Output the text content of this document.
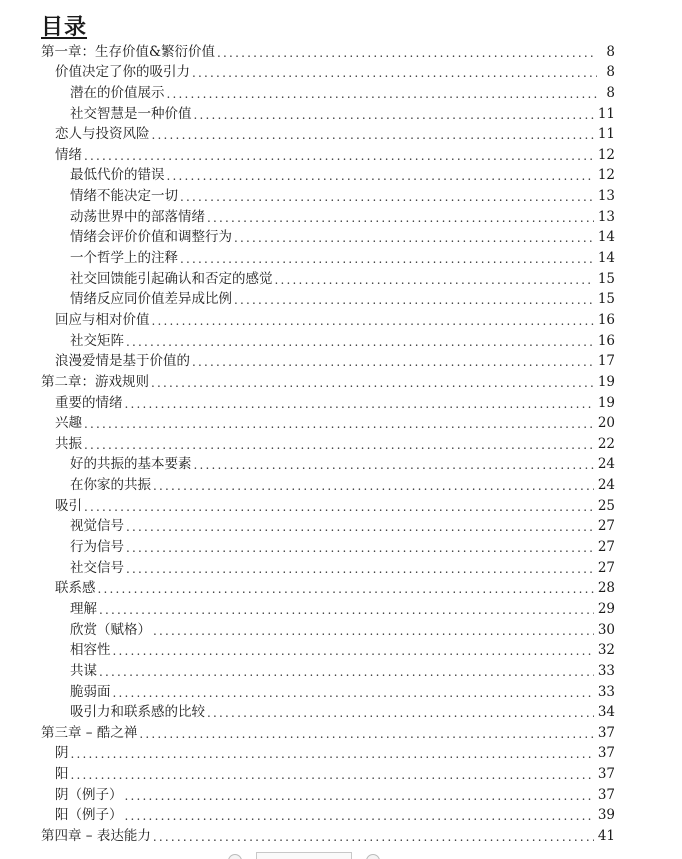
目录
第一章：生存价值&繁衍价值 .....	8
价值决定了你的吸引力 .....	8
潜在的价值展示 .....	8
社交智慧是一种价值 .....	11
恋人与投资风险 .....	11
情绪 .....	12
最低代价的错误 .....	12
情绪不能决定一切 .....	13
动荡世界中的部落情绪 .....	13
情绪会评价价值和调整行为 .....	14
一个哲学上的注释 .....	14
社交回馈能引起确认和否定的感觉 .....	15
情绪反应同价值差异成比例 .....	15
回应与相对价值 .....	16
社交矩阵 .....	16
浪漫爱情是基于价值的 .....	17
第二章：游戏规则 .....	19
重要的情绪 .....	19
兴趣 .....	20
共振 .....	22
好的共振的基本要素 .....	24
在你家的共振 .....	24
吸引 .....	25
视觉信号 .....	27
行为信号 .....	27
社交信号 .....	27
联系感 .....	28
理解 .....	29
欣赏（赋格） .....	30
相容性 .....	32
共谋 .....	33
脆弱面 .....	33
吸引力和联系感的比较 .....	34
第三章 – 酷之禅 .....	37
阴 .....	37
阳 .....	37
阴（例子） .....	37
阳（例子） .....	39
第四章 – 表达能力 .....	41
